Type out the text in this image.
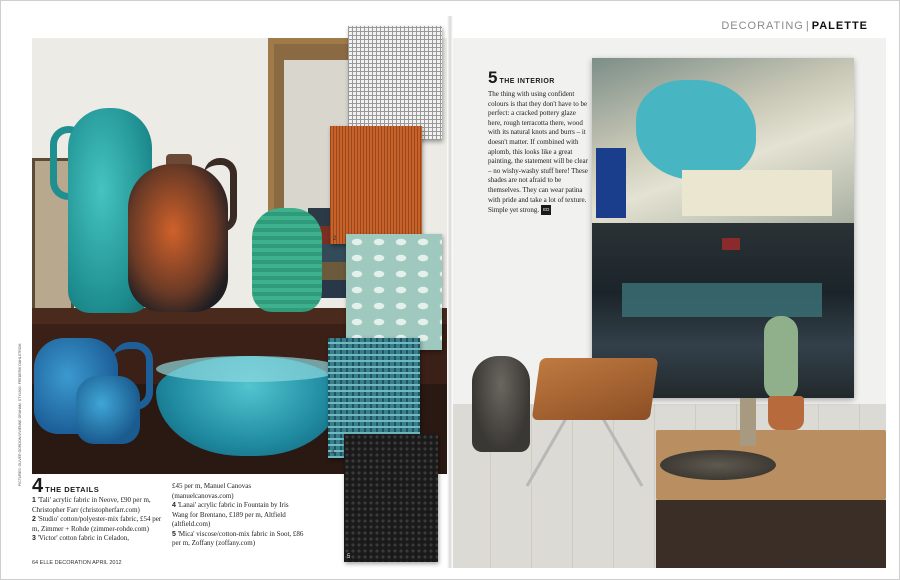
PICTURES: OLIVER GORDON/VIVIENNE GRAHAM. STYLING: FREDERIK DAHLSTROM
2
4
5
4 THE DETAILS

1 'Tali' acrylic fabric in Neove, £90 per m, Christopher Farr (christopherfarr.com)

2 'Studio' cotton/polyester-mix fabric, £54 per m, Zimmer + Rohde (zimmer-rohde.com)

3 'Victor' cotton fabric in Celadon,

£45 per m, Manuel Canovas (manuelcanovas.com)

4 'Lanai' acrylic fabric in Fountain by Iris Wang for Brentano, £189 per m, Altfield (altfield.com)

5 'Mica' viscose/cotton-mix fabric in Soot, £86 per m, Zoffany (zoffany.com)

64 ELLE DECORATION APRIL 2012
DECORATING | PALETTE
5 THE INTERIOR
The thing with using confident colours is that they don't have to be perfect: a cracked pottery glaze here, rough terracotta there, wood with its natural knots and burrs – it doesn't matter. If combined with aplomb, this looks like a great painting, the statement will be clear – no wishy-washy stuff here! These shades are not afraid to be themselves. They can wear patina with pride and take a lot of texture. Simple yet strong. ED
APRIL 2012 ELLE DECORATION 65
